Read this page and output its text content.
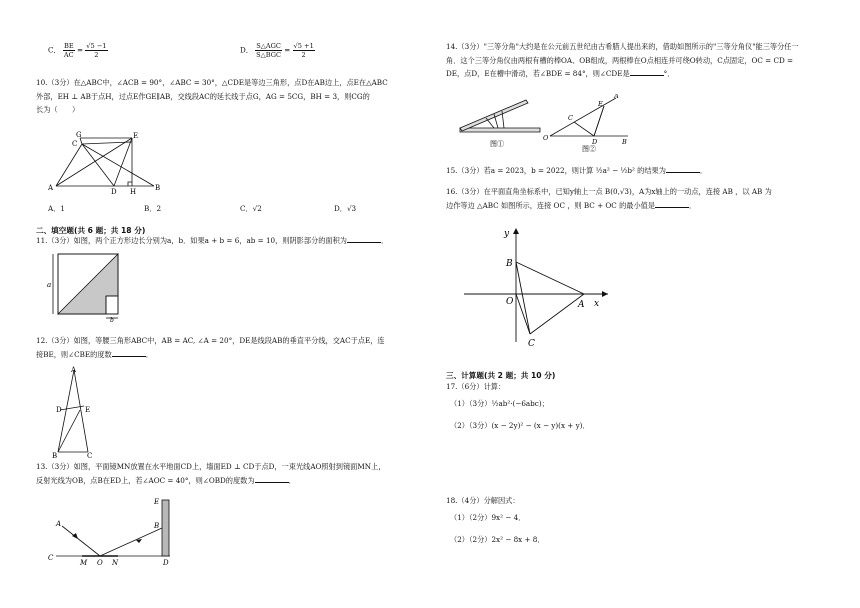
C． $\frac{BE}{AC} = \frac{√5 -1}{2}$	D． $\frac{\text{S△AGC}}{\text{S△BGC}} = \frac{√5 +1}{2}$
10.（3分）在△ABC中，∠ACB = 90°，∠ABC = 30°，△CDE是等边三角形，点D在AB边上，点E在△ABC
外部，EH ⊥ AB于点H，过点E作GE∥AB，交线段AC的延长线于点G，AG = 5CG，BH = 3，则CG的
长为（　　）
G
C
E
A	D H	B
A．1	B．2	C．√2	D．√3
二、填空题(共 6 题；共 18 分)
11.（3分）如图，两个正方形边长分别为a，b．如果a + b = 6，ab = 10，则阴影部分的面积为	．
a
b
12.（3分）如图，等腰三角形ABC中，AB = AC, ∠A = 20°，DE是线段AB的垂直平分线，交AC于点E，连
接BE，则∠CBE的度数	．
A
D	E
B	C
13.（3分）如图，平面镜MN放置在水平地面CD上，墙面ED ⊥ CD于点D，一束光线AO照射到镜面MN上，
反射光线为OB，点B在ED上，若∠AOC = 40°，则∠OBD的度数为	．
E
B
A
C
M O N	D
14.（3分）"三等分角"大约是在公元前五世纪由古希腊人提出来的，借助如图所示的"三等分角仪"能三等分任一
角．这个三等分角仪由两根有槽的棒OA、OB组成，两根棒在O点相连并可绕O转动，C点固定，OC = CD =
DE，点D，E在槽中滑动，若∠BDE = 84°，则∠CDE是	°．
图①
A
E
C
O	D	B
图②
15.（3分）若a = 2023，b = 2022，则计算 ½a² − ½b² 的结果为	．
16.（3分）在平面直角坐标系中，已知y轴上一点 B(0,√3)，A为x轴上的一动点，连接 AB ，以 AB 为
边作等边 △ABC 如图所示，连接 OC ，则 BC + OC 的最小值是	．
y
B
O	A x
C
三、计算题(共 2 题；共 10 分)
17.（6分）计算：
（1）（3分）½ab²·(−6abc)；
（2）（3分）(x − 2y)² − (x − y)(x + y)．
18.（4分）分解因式：
（1）（2分）9x² − 4．
（2）（2分）2x² − 8x + 8．
